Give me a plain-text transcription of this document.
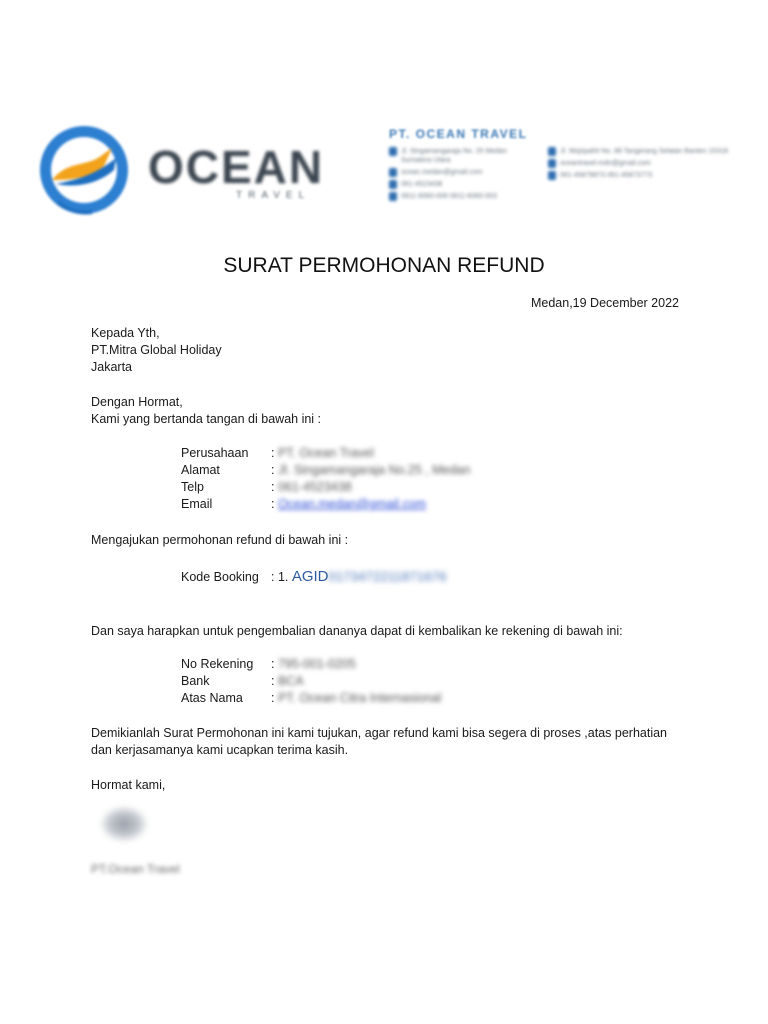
OCEAN
TRAVEL
PT. OCEAN TRAVEL
Jl. Singamangaraja No. 25 Medan Sumatera Utara
ocean.medan@gmail.com
061-4523438
0811-6060-006 0811-6060-003
Jl. Mojopahit No. 88 Tangerang Selatan Banten 15318
oceantravel.mdn@gmail.com
061-45878873 061-45873773
SURAT PERMOHONAN REFUND
Medan,19 December 2022
Kepada Yth,
PT.Mitra Global Holiday
Jakarta
Dengan Hormat,
Kami yang bertanda tangan di bawah ini :
Perusahaan : PT. Ocean Travel
Alamat	: Jl. Singamangaraja No.25 , Medan
Telp	: 061-4523438
Email	: Ocean.medan@gmail.com
Mengajukan permohonan refund di bawah ini :
Kode Booking : 1. AGID0173472211871676
Dan saya harapkan untuk pengembalian dananya dapat di kembalikan ke rekening di bawah ini:
No Rekening : 795-001-0205
Bank	: BCA
Atas Nama : PT. Ocean Citra Internasional
Demikianlah Surat Permohonan ini kami tujukan, agar refund kami bisa segera di proses ,atas perhatian
dan kerjasamanya kami ucapkan terima kasih.
Hormat kami,
PT.Ocean Travel
